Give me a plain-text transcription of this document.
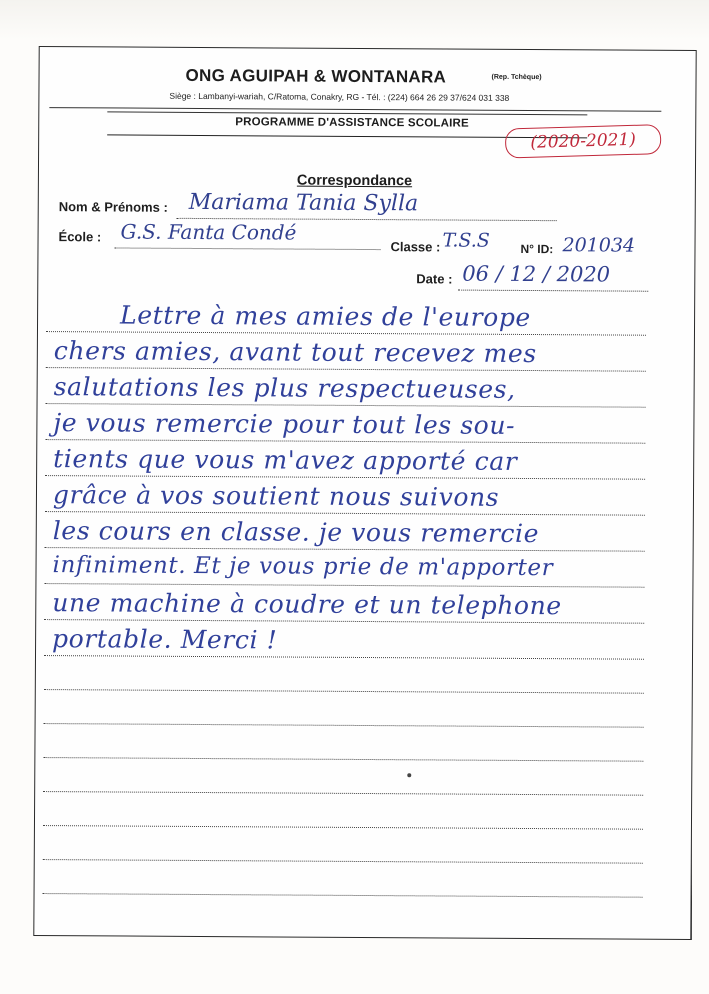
ONG AGUIPAH & WONTANARA	(Rep. Tchèque)
Siège : Lambanyi-wariah, C/Ratoma, Conakry, RG - Tél. : (224) 664 26 29 37/624 031 338
PROGRAMME D'ASSISTANCE SCOLAIRE
(2020-2021)
Correspondance
Nom & Prénoms : Mariama Tania Sylla
École : G.S. Fanta Condé
Classe : T.S.S	N° ID: 201034
Date : 06 / 12 / 2020
Lettre à mes amies de l'europe
chers amies, avant tout recevez mes
salutations les plus respectueuses,
je vous remercie pour tout les sou-
tients que vous m'avez apporté car
grâce à vos soutient nous suivons
les cours en classe. je vous remercie
infiniment. Et je vous prie de m'apporter
une machine à coudre et un telephone
portable. Merci !
